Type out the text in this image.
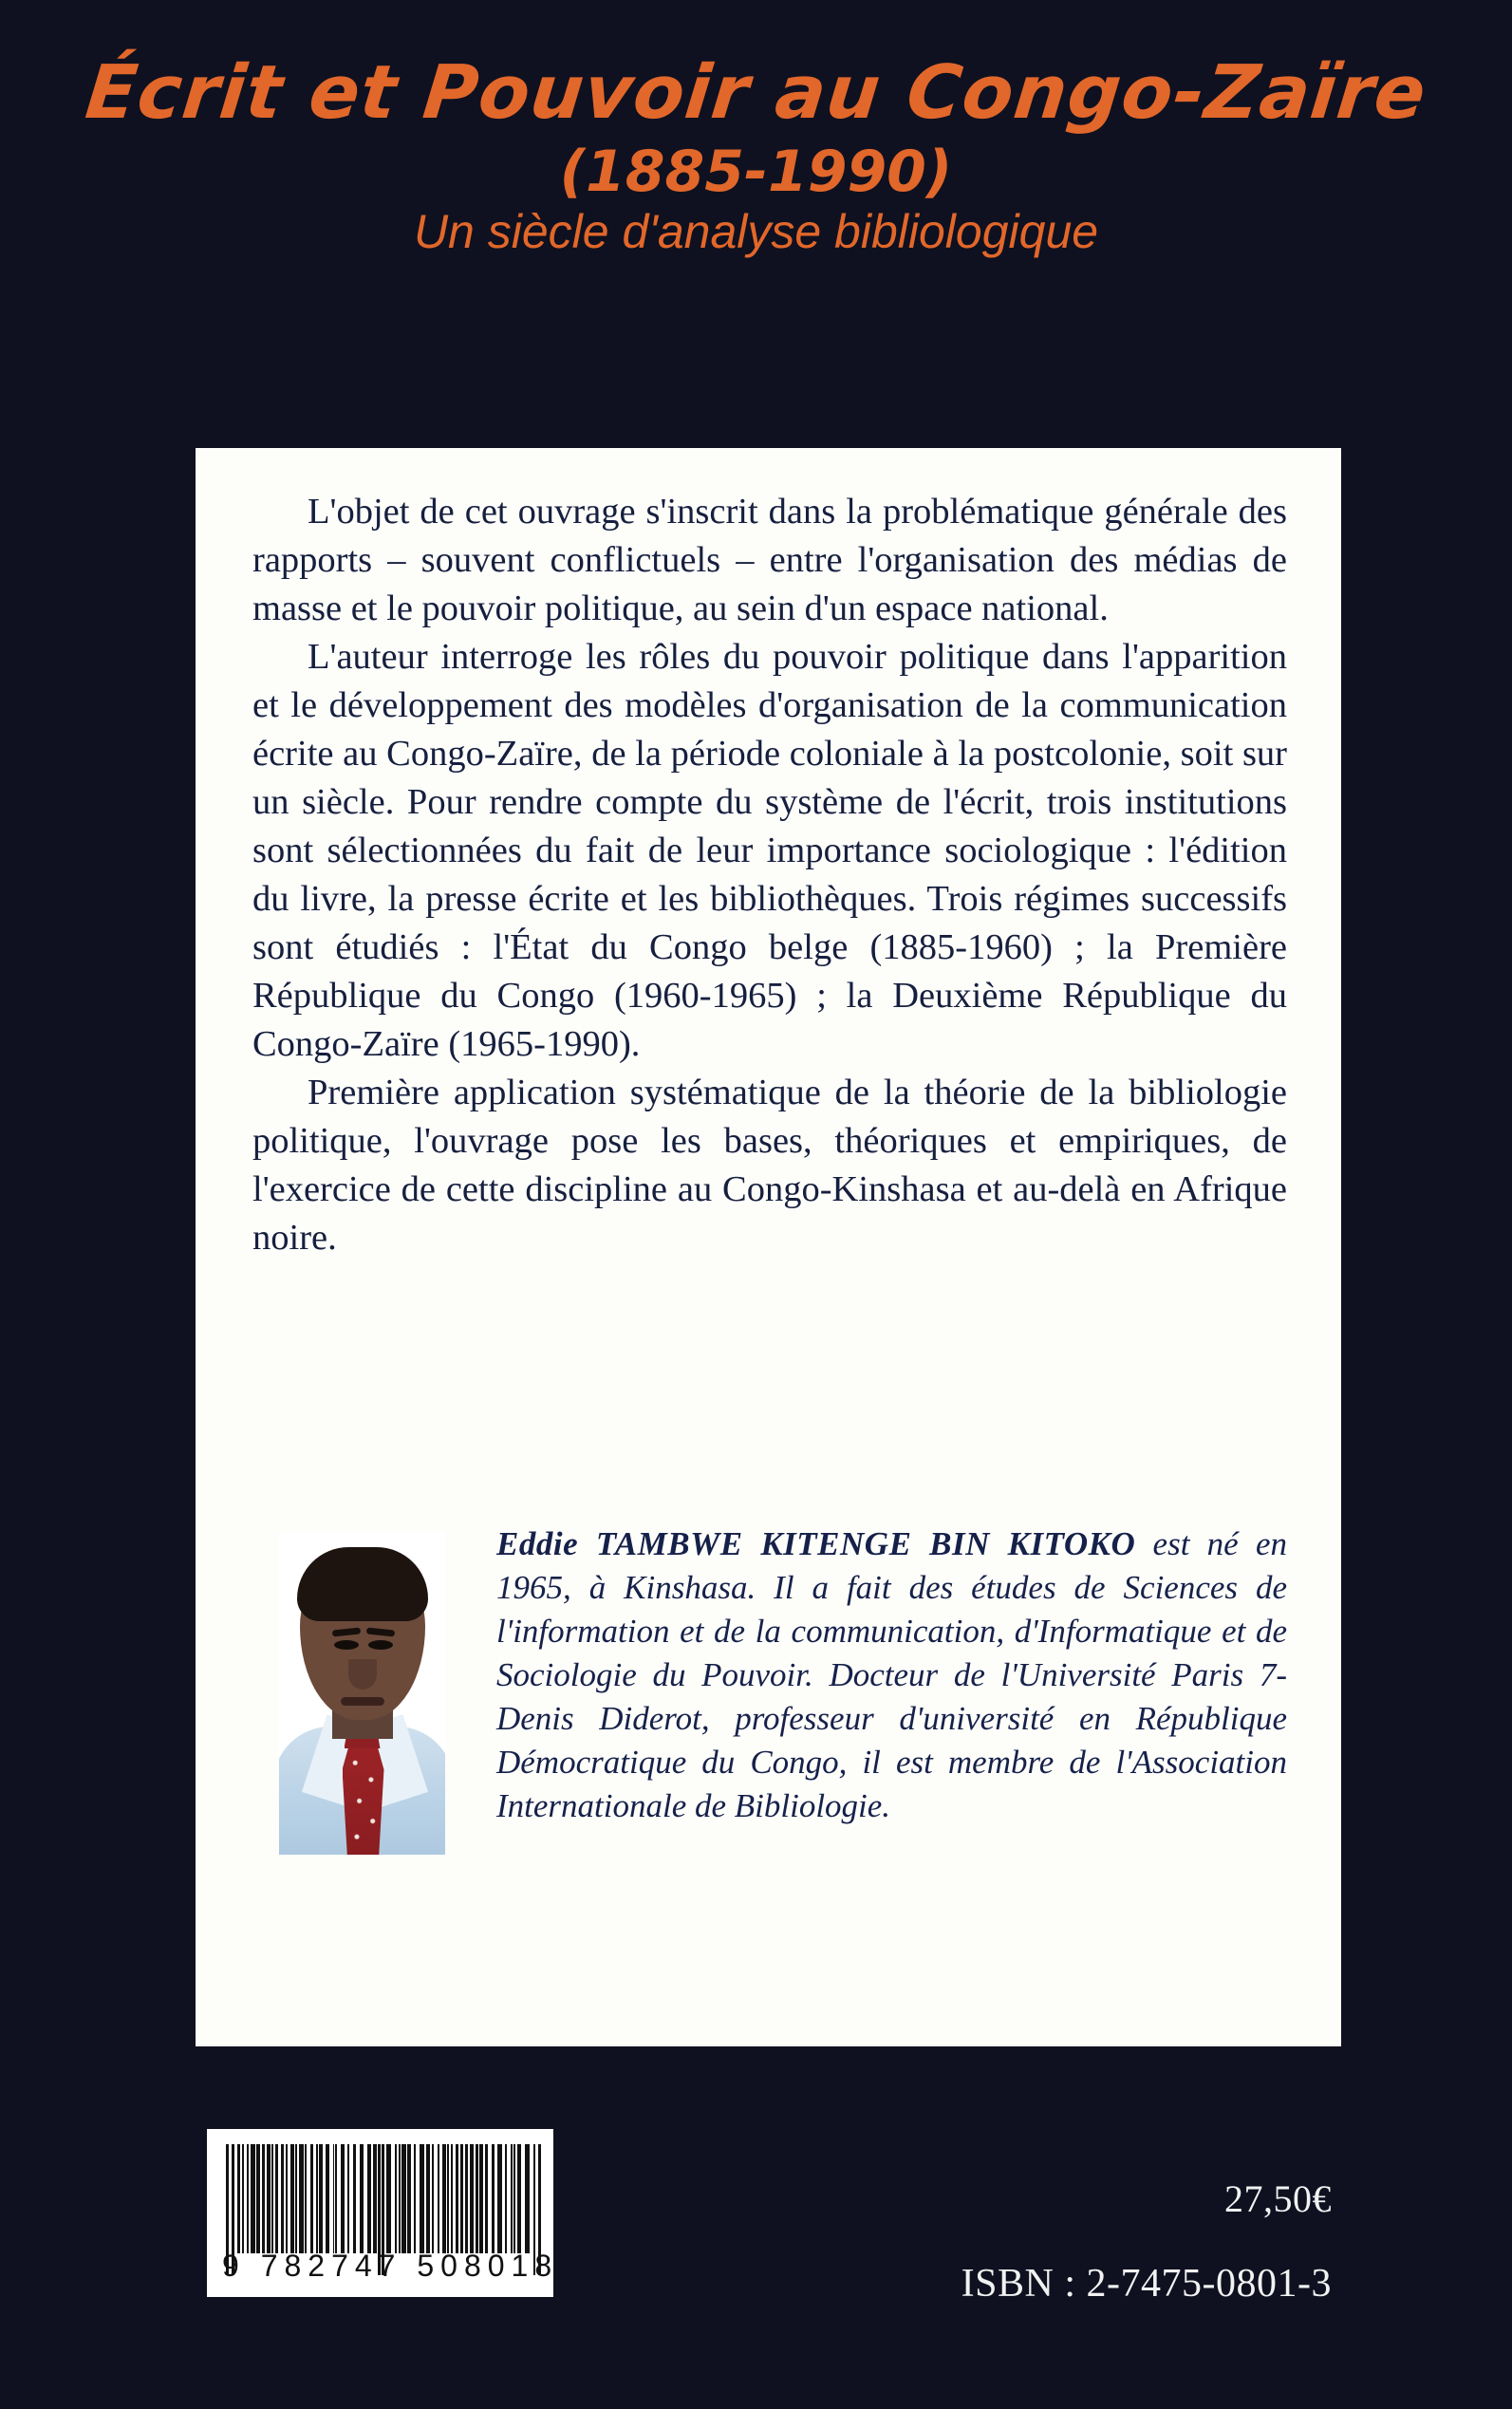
Écrit et Pouvoir au Congo-Zaïre
(1885-1990)
Un siècle d'analyse bibliologique

L'objet de cet ouvrage s'inscrit dans la problématique générale des rapports – souvent conflictuels – entre l'organisation des médias de masse et le pouvoir politique, au sein d'un espace national.

L'auteur interroge les rôles du pouvoir politique dans l'apparition et le développement des modèles d'organisation de la communication écrite au Congo-Zaïre, de la période coloniale à la postcolonie, soit sur un siècle. Pour rendre compte du système de l'écrit, trois institutions sont sélectionnées du fait de leur importance sociologique : l'édition du livre, la presse écrite et les bibliothèques. Trois régimes successifs sont étudiés : l'État du Congo belge (1885-1960) ; la Première République du Congo (1960-1965) ; la Deuxième République du Congo-Zaïre (1965-1990).

Première application systématique de la théorie de la bibliologie politique, l'ouvrage pose les bases, théoriques et empiriques, de l'exercice de cette discipline au Congo-Kinshasa et au-delà en Afrique noire.

Eddie TAMBWE KITENGE BIN KITOKO est né en 1965, à Kinshasa. Il a fait des études de Sciences de l'information et de la communication, d'Informatique et de Sociologie du Pouvoir. Docteur de l'Université Paris 7-Denis Diderot, professeur d'université en République Démocratique du Congo, il est membre de l'Association Internationale de Bibliologie.
9 782747 508018
27,50€
ISBN : 2-7475-0801-3
